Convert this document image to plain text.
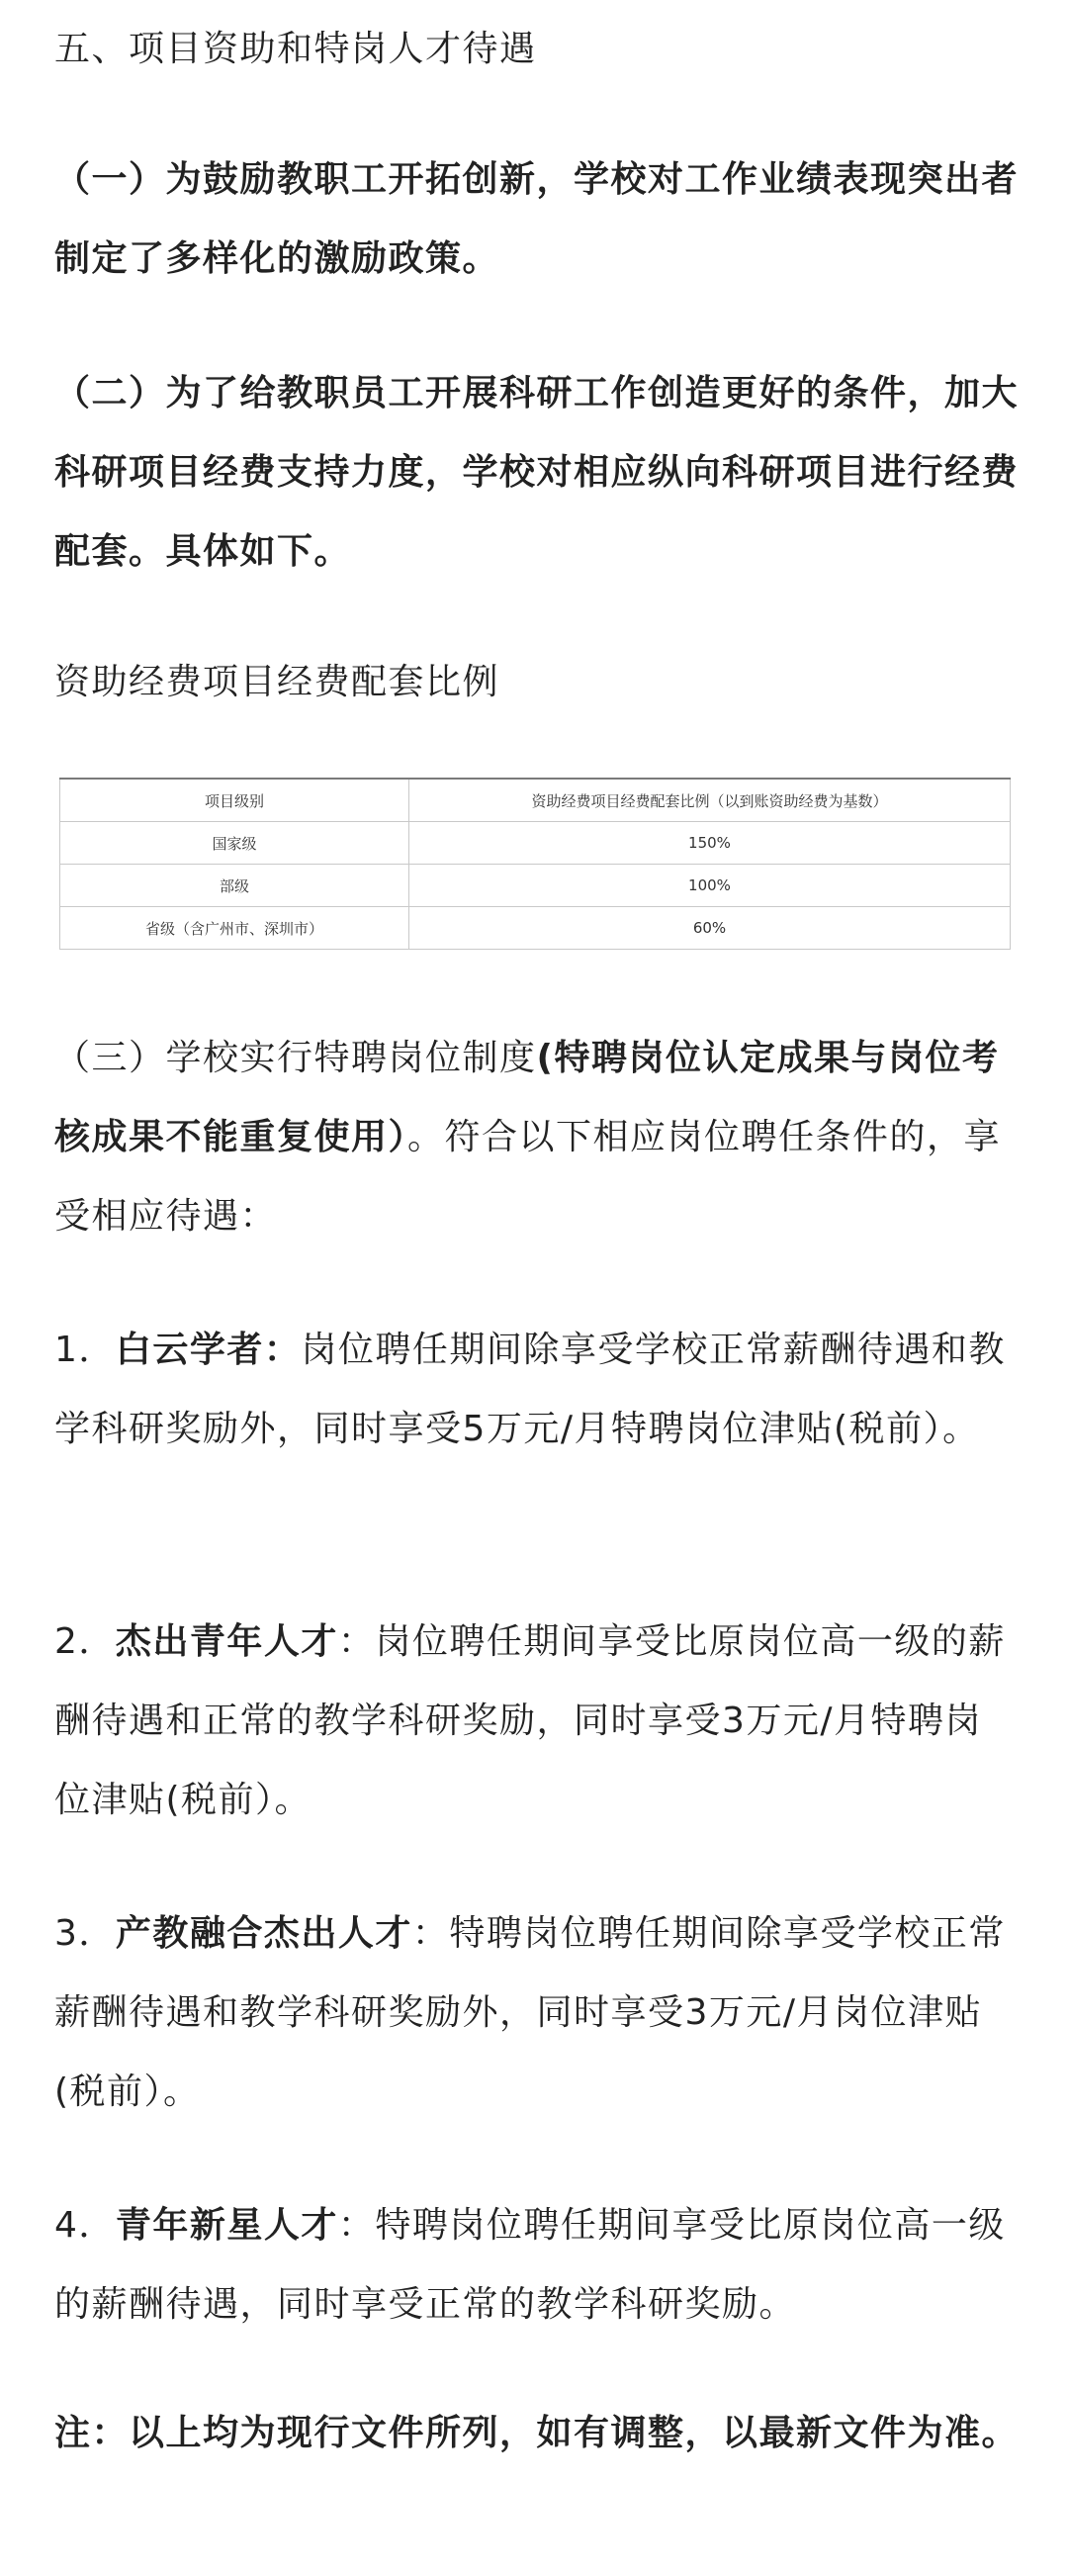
五、项目资助和特岗人才待遇

（一）为鼓励教职工开拓创新，学校对工作业绩表现突出者制定了多样化的激励政策。

（二）为了给教职员工开展科研工作创造更好的条件，加大科研项目经费支持力度，学校对相应纵向科研项目进行经费配套。具体如下。

资助经费项目经费配套比例

项目级别	资助经费项目经费配套比例（以到账资助经费为基数）
国家级	150%
部级	100%
省级（含广州市、深圳市）	60%

（三）学校实行特聘岗位制度(特聘岗位认定成果与岗位考核成果不能重复使用）。符合以下相应岗位聘任条件的，享受相应待遇：

1．白云学者：岗位聘任期间除享受学校正常薪酬待遇和教学科研奖励外，同时享受5万元/月特聘岗位津贴(税前）。

2．杰出青年人才：岗位聘任期间享受比原岗位高一级的薪酬待遇和正常的教学科研奖励，同时享受3万元/月特聘岗位津贴(税前）。

3．产教融合杰出人才：特聘岗位聘任期间除享受学校正常薪酬待遇和教学科研奖励外，同时享受3万元/月岗位津贴(税前）。

4．青年新星人才：特聘岗位聘任期间享受比原岗位高一级的薪酬待遇，同时享受正常的教学科研奖励。

注：以上均为现行文件所列，如有调整，以最新文件为准。
